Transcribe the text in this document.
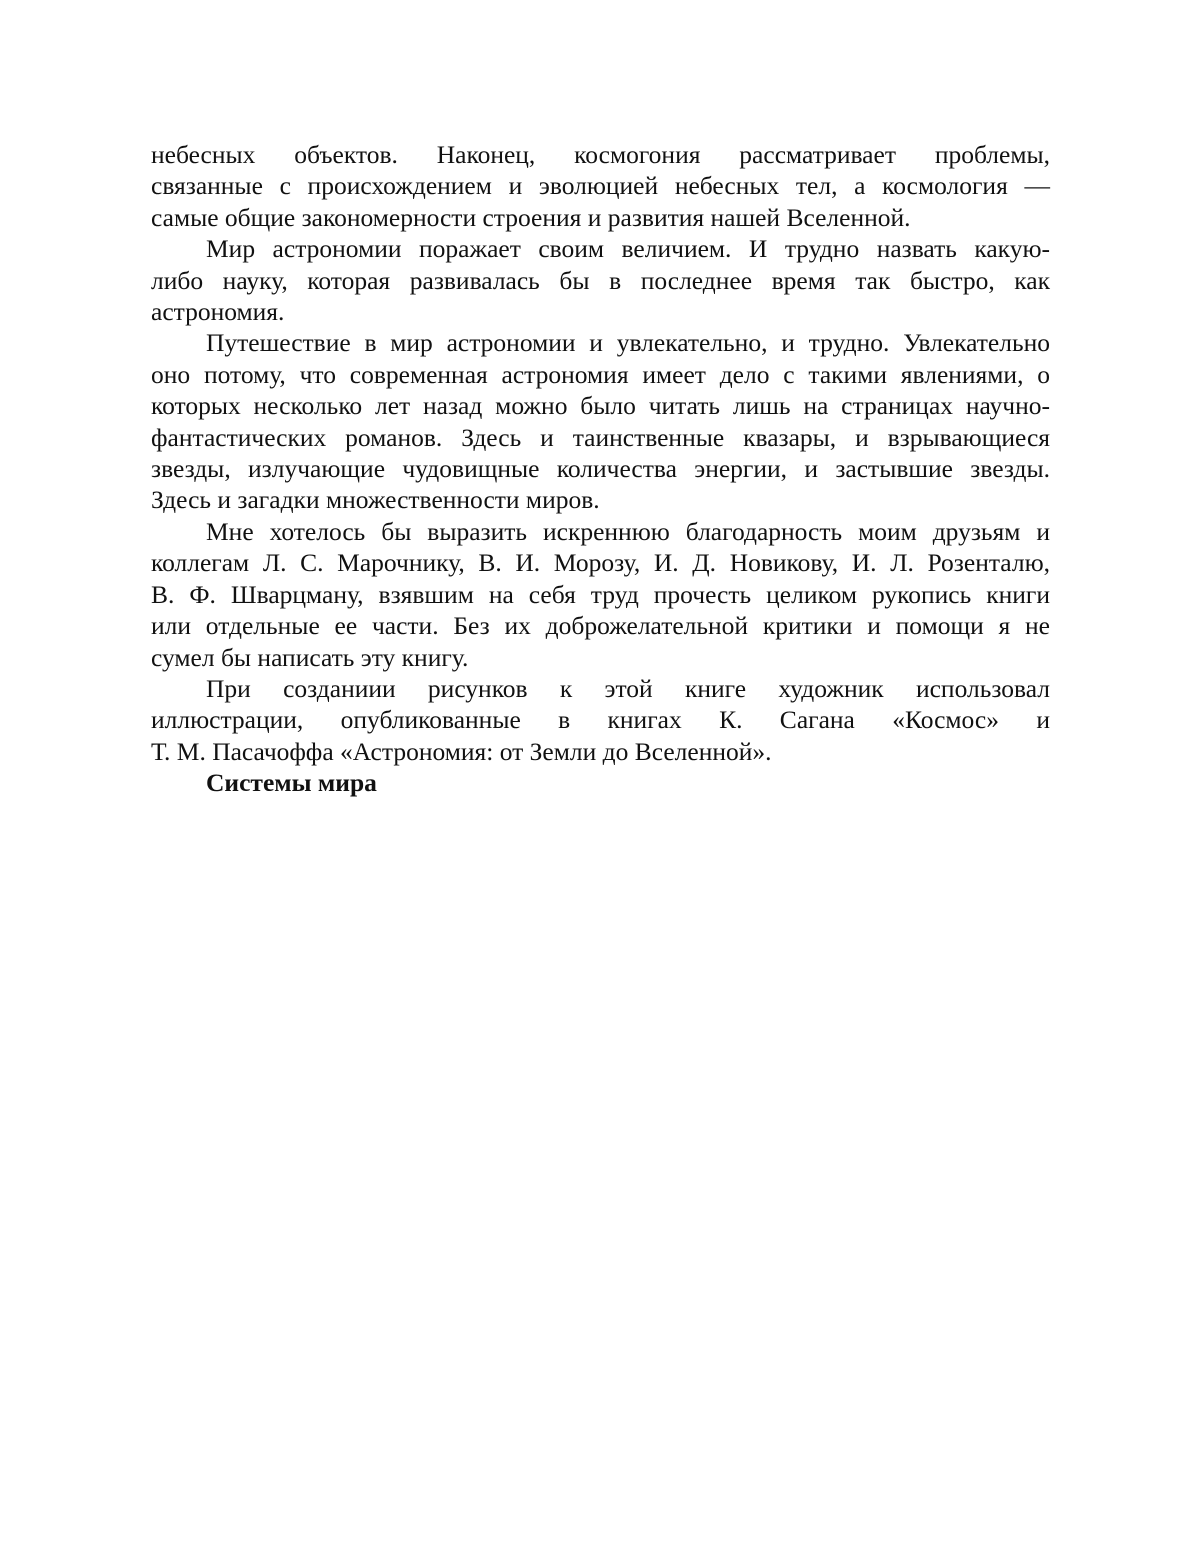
небесных объектов. Наконец, космогония рассматривает проблемы,
связанные с происхождением и эволюцией небесных тел, а космология —
самые общие закономерности строения и развития нашей Вселенной.

Мир астрономии поражает своим величием. И трудно назвать какую-
либо науку, которая развивалась бы в последнее время так быстро, как
астрономия.

Путешествие в мир астрономии и увлекательно, и трудно. Увлекательно
оно потому, что современная астрономия имеет дело с такими явлениями, о
которых несколько лет назад можно было читать лишь на страницах научно-
фантастических романов. Здесь и таинственные квазары, и взрывающиеся
звезды, излучающие чудовищные количества энергии, и застывшие звезды.
Здесь и загадки множественности миров.

Мне хотелось бы выразить искреннюю благодарность моим друзьям и
коллегам Л. С. Марочнику, В. И. Морозу, И. Д. Новикову, И. Л. Розенталю,
В. Ф. Шварцману, взявшим на себя труд прочесть целиком рукопись книги
или отдельные ее части. Без их доброжелательной критики и помощи я не
сумел бы написать эту книгу.

При созданиии рисунков к этой книге художник использовал
иллюстрации, опубликованные в книгах К. Сагана «Космос» и
Т. М. Пасачоффа «Астрономия: от Земли до Вселенной».

Системы мира
